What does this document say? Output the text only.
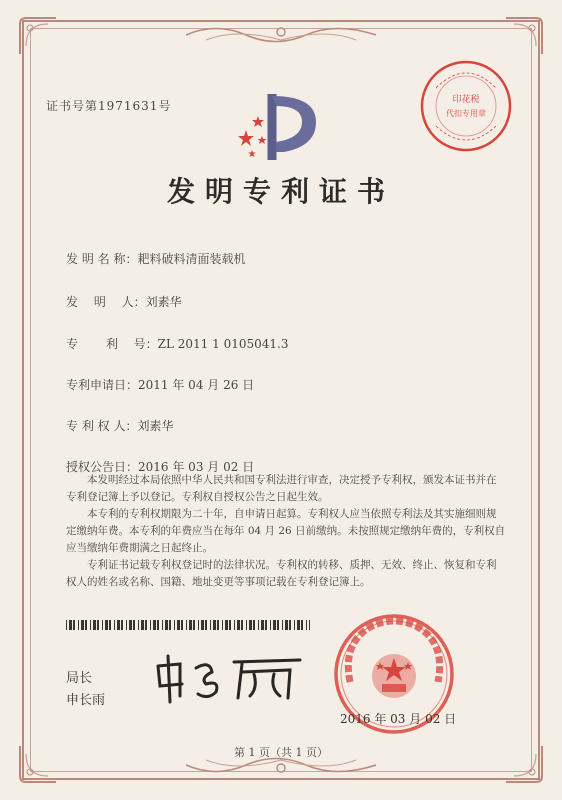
证书号第1971631号	印花税
代扣专用章
发明专利证书
发 明 名 称：耙料破料清面装载机
发　 明　 人：刘素华
专　　 利　 号：ZL 2011 1 0105041.3
专利申请日：2011 年 04 月 26 日
专 利 权 人：刘素华
授权公告日：2016 年 03 月 02 日

本发明经过本局依照中华人民共和国专利法进行审查，决定授予专利权，颁发本证书并在专利登记簿上予以登记。专利权自授权公告之日起生效。

本专利的专利权期限为二十年，自申请日起算。专利权人应当依照专利法及其实施细则规定缴纳年费。本专利的年费应当在每年 04 月 26 日前缴纳。未按照规定缴纳年费的，专利权自应当缴纳年费期满之日起终止。

专利证书记载专利权登记时的法律状况。专利权的转移、质押、无效、终止、恢复和专利权人的姓名或名称、国籍、地址变更等事项记载在专利登记簿上。

局长
申长雨
2016 年 03 月 02 日
第 1 页（共 1 页）
